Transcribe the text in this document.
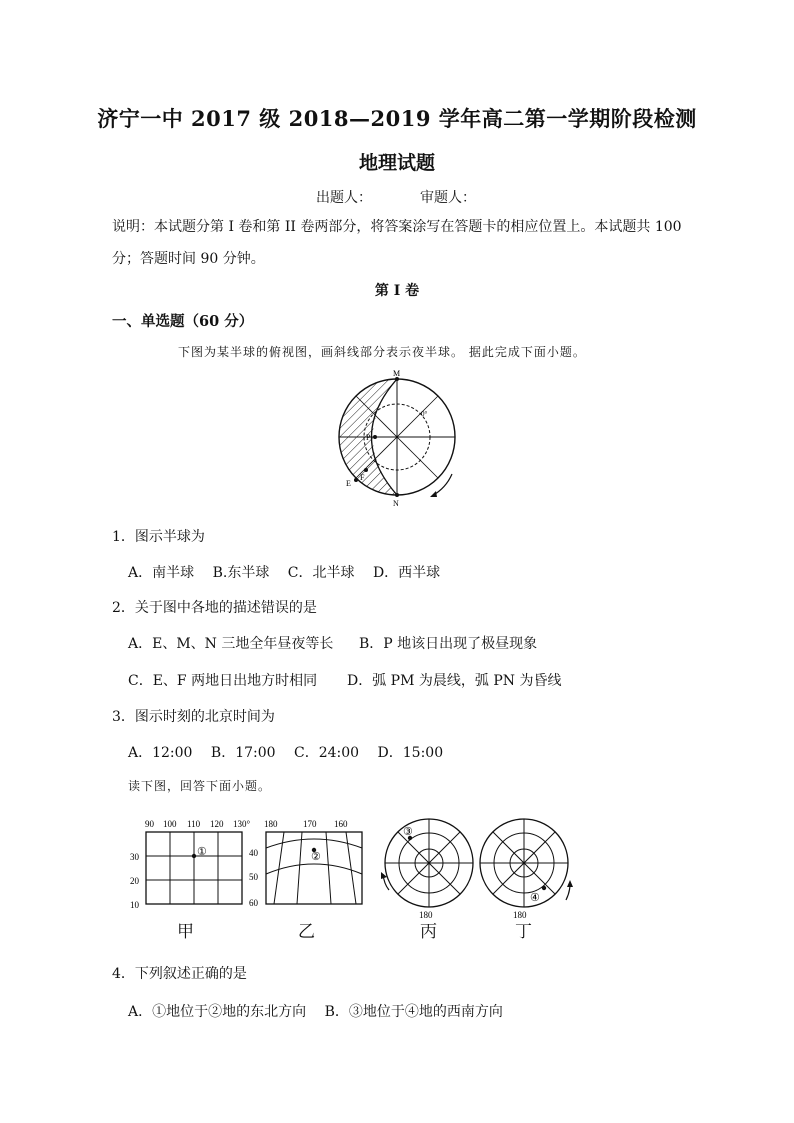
济宁一中 2017 级 2018—2019 学年高二第一学期阶段检测
地理试题
出题人：	审题人：
说明：本试题分第 I 卷和第 II 卷两部分，将答案涂写在答题卡的相应位置上。本试题共 100
分；答题时间 90 分钟。
第 I 卷
一、单选题（60 分）
下图为某半球的俯视图，画斜线部分表示夜半球。 据此完成下面小题。
M
N
P
E
F
0°
1．图示半球为
A．南半球 B.东半球 C．北半球 D．西半球
2．关于图中各地的描述错误的是
A．E、M、N 三地全年昼夜等长 B．P 地该日出现了极昼现象
C．E、F 两地日出地方时相同 D．弧 PM 为晨线，弧 PN 为昏线
3．图示时刻的北京时间为
A．12:00 B．17:00 C．24:00 D．15:00
读下图，回答下面小题。
90 100 110 120 130°
30
20
10
①
180	170 160
40
50
60
②
180
③
180
④
甲	乙	丙	丁
4．下列叙述正确的是
A．①地位于②地的东北方向 B．③地位于④地的西南方向
